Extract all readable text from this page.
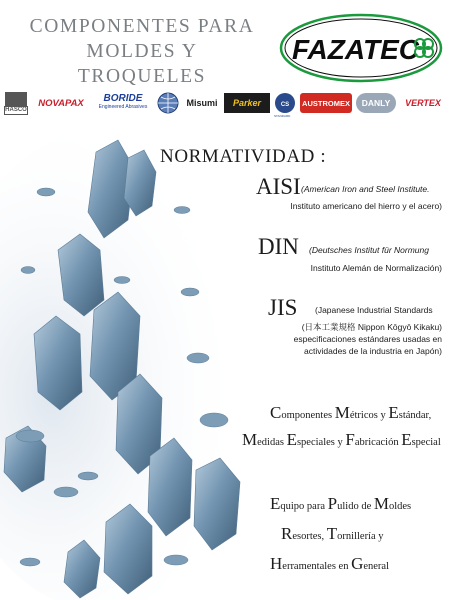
COMPONENTES PARA
MOLDES Y TROQUELES
FAZATEC
HASCO
NOVAPAX	BORIDE
Engineered Abrasives	Misumi	Parker	CS AUSTROMEX	DANLY	VERTEX
NORMATIVIDAD :
AISI (American Iron and Steel Institute.
Instituto americano del hierro y el acero)
DIN (Deutsches Institut für Normung
Instituto Alemán de Normalización)
JIS (Japanese Industrial Standards
(日本工業規格 Nippon Kōgyō Kikaku)
especificaciones estándares usadas en
actividades de la industria en Japón)
Componentes Métricos y Estándar,
Medidas Especiales y Fabricación Especial
Equipo para Pulido de Moldes
Resortes, Tornillería y
Herramentales en General
STANDARD
